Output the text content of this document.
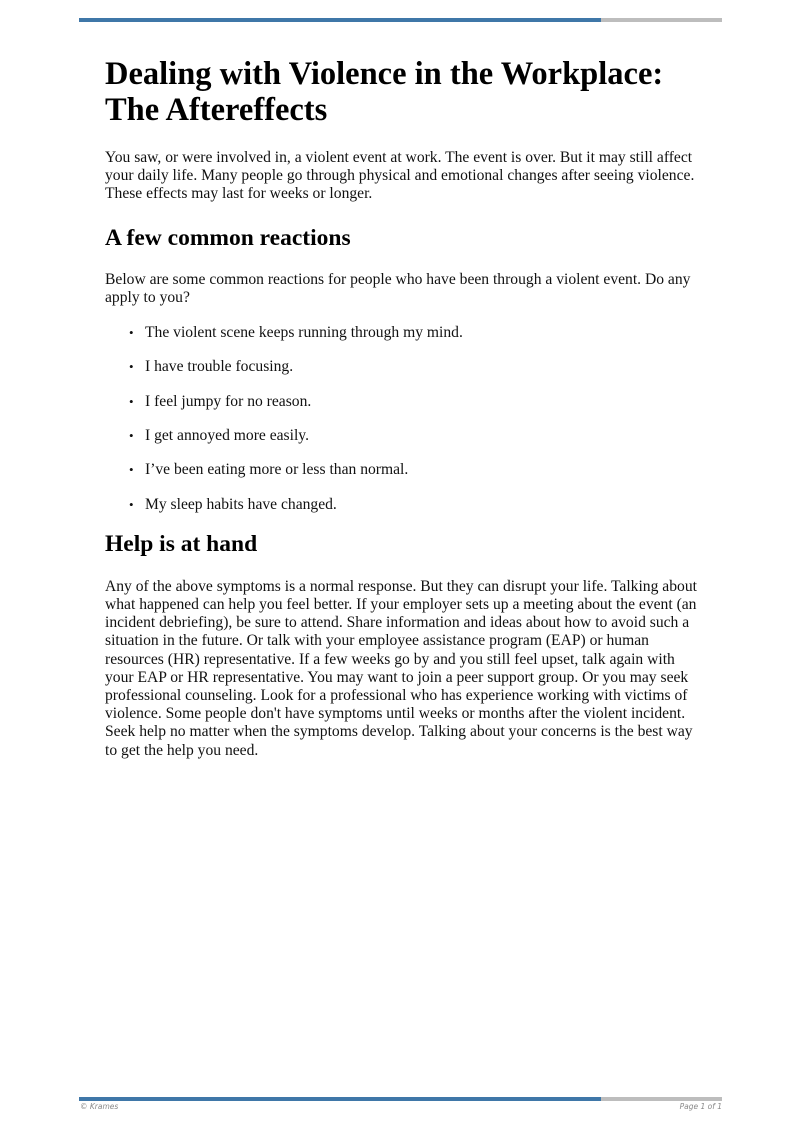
Dealing with Violence in the Workplace: The Aftereffects

You saw, or were involved in, a violent event at work. The event is over. But it may still affect your daily life. Many people go through physical and emotional changes after seeing violence. These effects may last for weeks or longer.

A few common reactions

Below are some common reactions for people who have been through a violent event. Do any apply to you?

• The violent scene keeps running through my mind.
• I have trouble focusing.
• I feel jumpy for no reason.
• I get annoyed more easily.
• I’ve been eating more or less than normal.
• My sleep habits have changed.
Help is at hand

Any of the above symptoms is a normal response. But they can disrupt your life. Talking about what happened can help you feel better. If your employer sets up a meeting about the event (an incident debriefing), be sure to attend. Share information and ideas about how to avoid such a situation in the future. Or talk with your employee assistance program (EAP) or human resources (HR) representative. If a few weeks go by and you still feel upset, talk again with your EAP or HR representative. You may want to join a peer support group. Or you may seek professional counseling. Look for a professional who has experience working with victims of violence. Some people don't have symptoms until weeks or months after the violent incident. Seek help no matter when the symptoms develop. Talking about your concerns is the best way to get the help you need.

© Krames	Page 1 of 1
